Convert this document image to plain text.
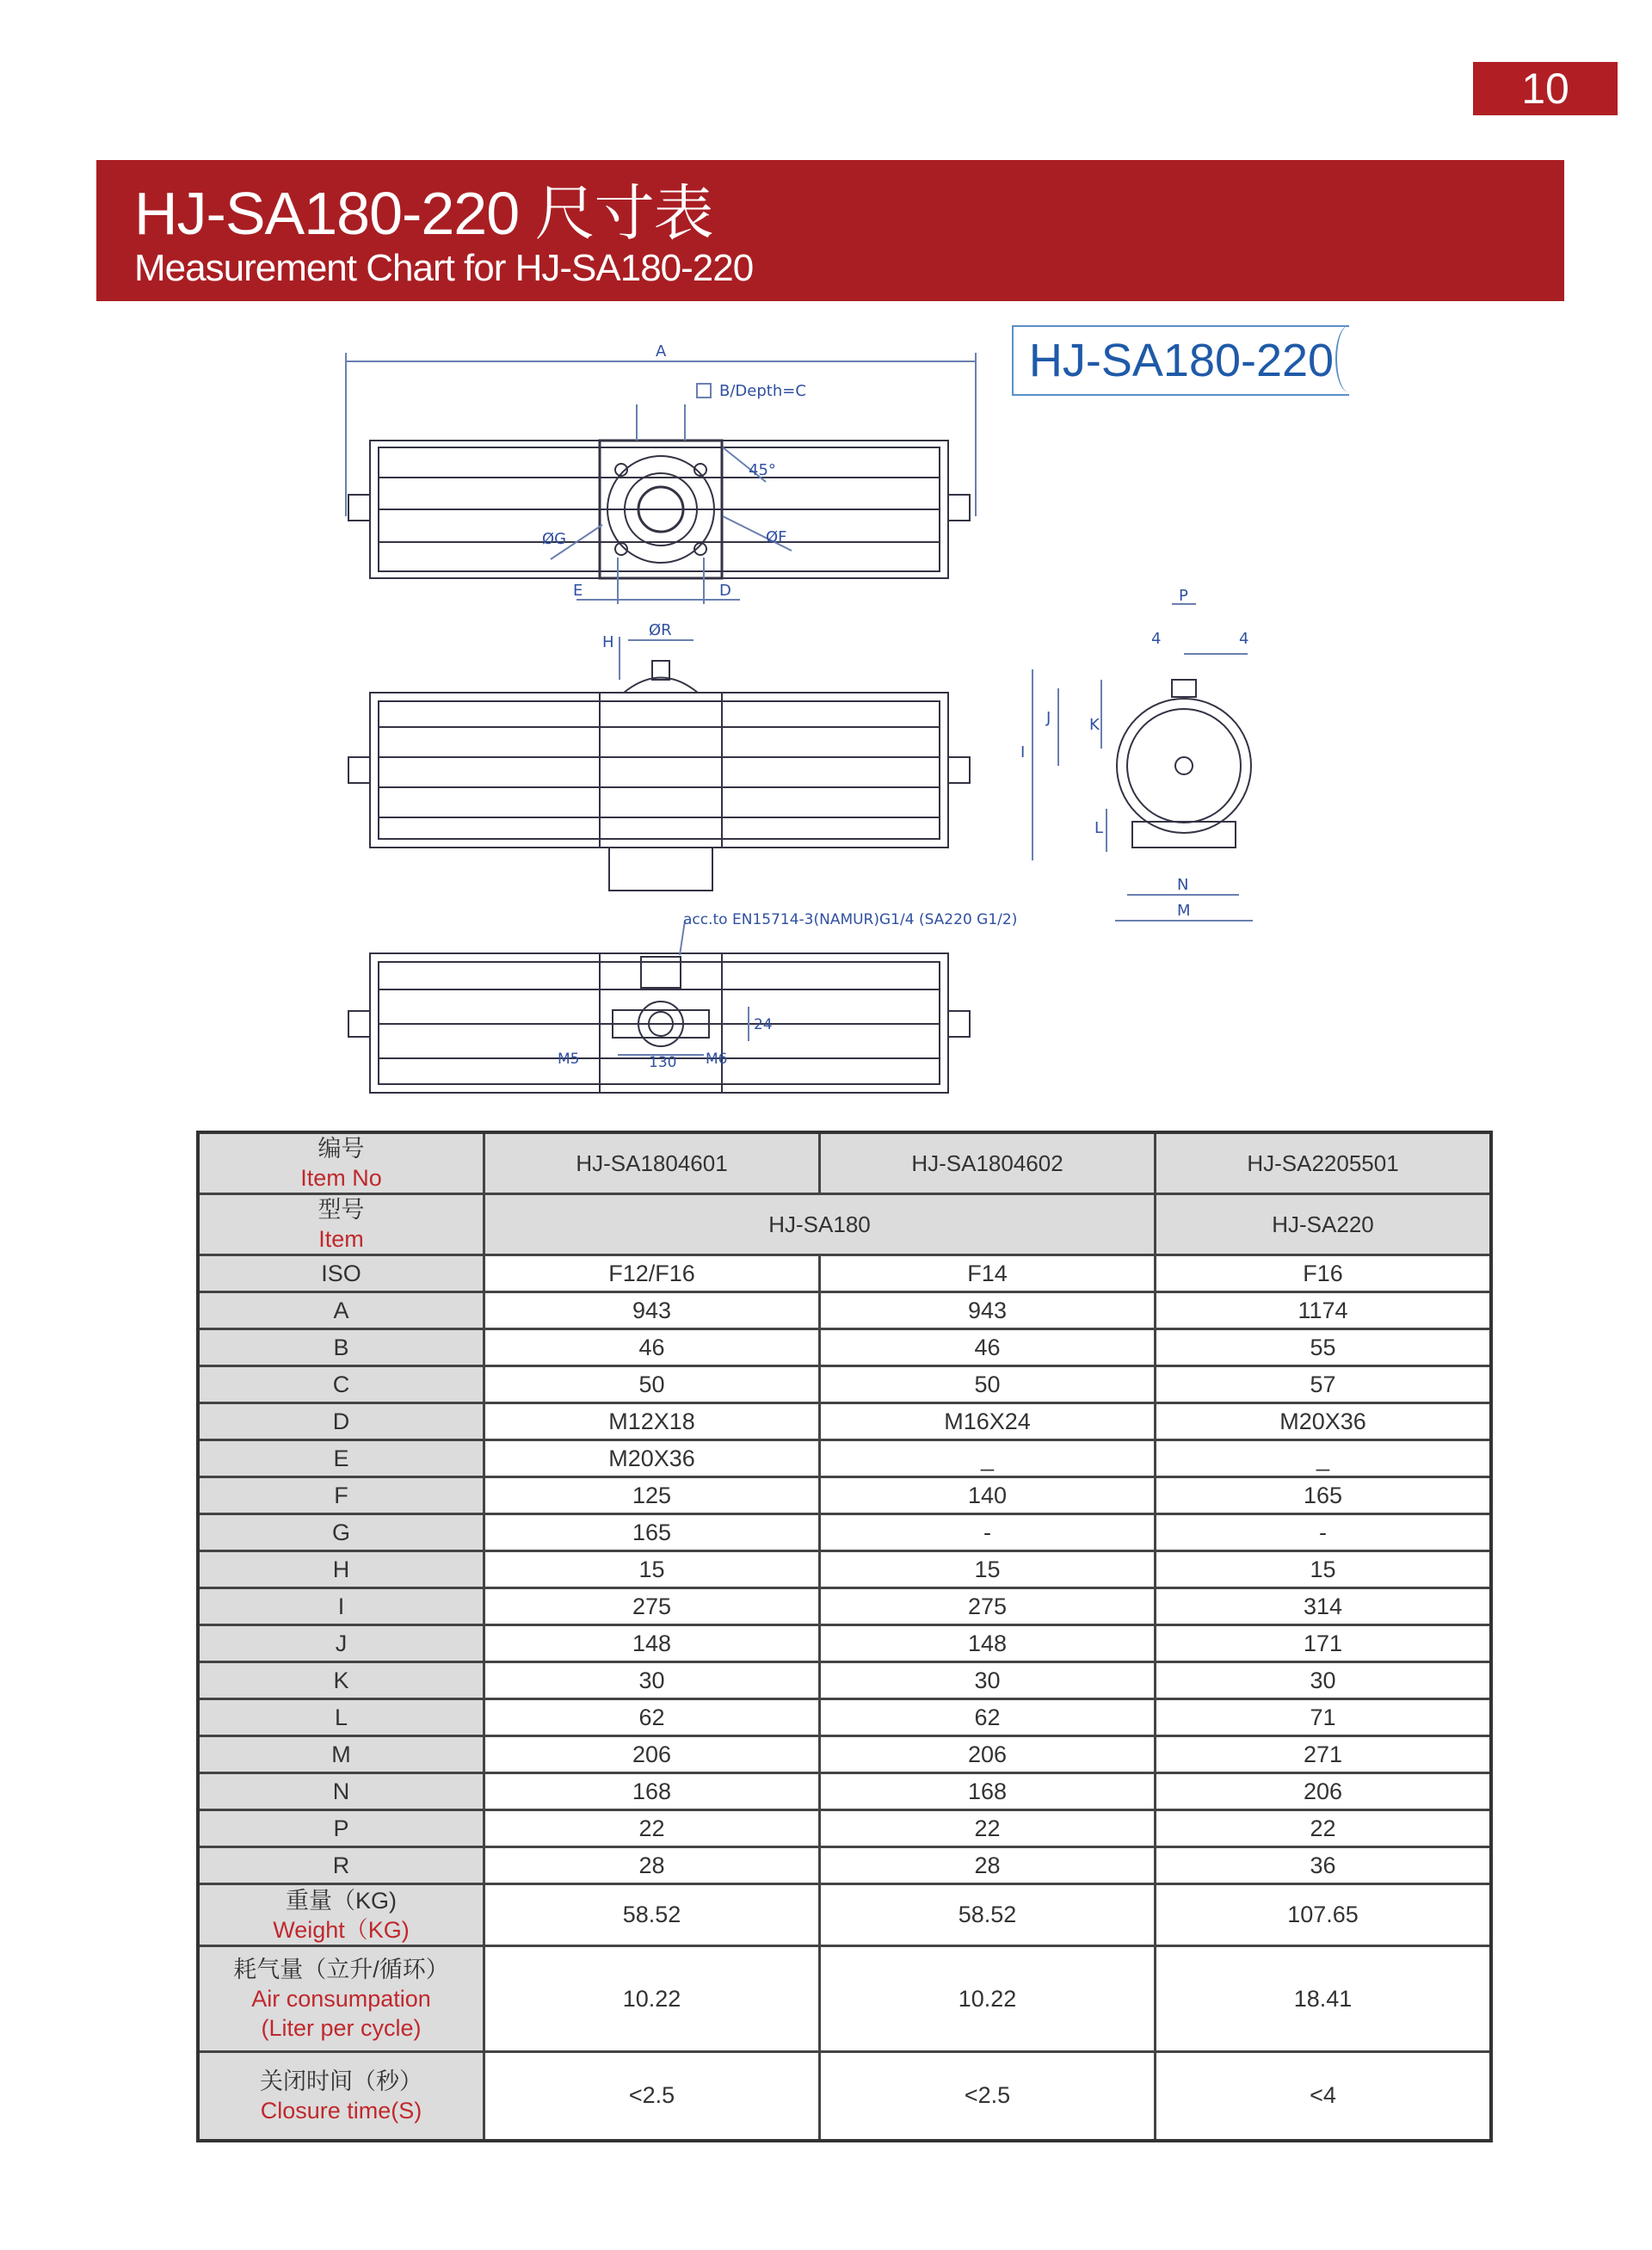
10
HJ-SA180-220 尺寸表
Measurement Chart for HJ-SA180-220
HJ-SA180-220
A
B/Depth=C
45°
ØG	ØF
E	D
ØR
H
P
4	4
I
J K
L
N
M
acc.to EN15714-3(NAMUR)G1/4 (SA220 G1/2)
M5	M6
130
24
编号
Item No	HJ-SA1804601	HJ-SA1804602	HJ-SA2205501

型号
Item	HJ-SA180		HJ-SA220
ISO	F12/F16	F14	F16
A	943	943	1174
B	46	46	55
C	50	50	57
D	M12X18	M16X24	M20X36
E	M20X36	_	_
F	125	140	165
G	165	-	-
H	15	15	15
I	275	275	314
J	148	148	171
K	30	30	30
L	62	62	71
M	206	206	271
N	168	168	206
P	22	22	22
R	28	28	36

重量（KG)
Weight（KG)	58.52	58.52	107.65

耗气量（立升/循环）
Air consumpation
(Liter per cycle)	10.22	10.22	18.41

关闭时间（秒）
Closure time(S)	<2.5	<2.5	<4
